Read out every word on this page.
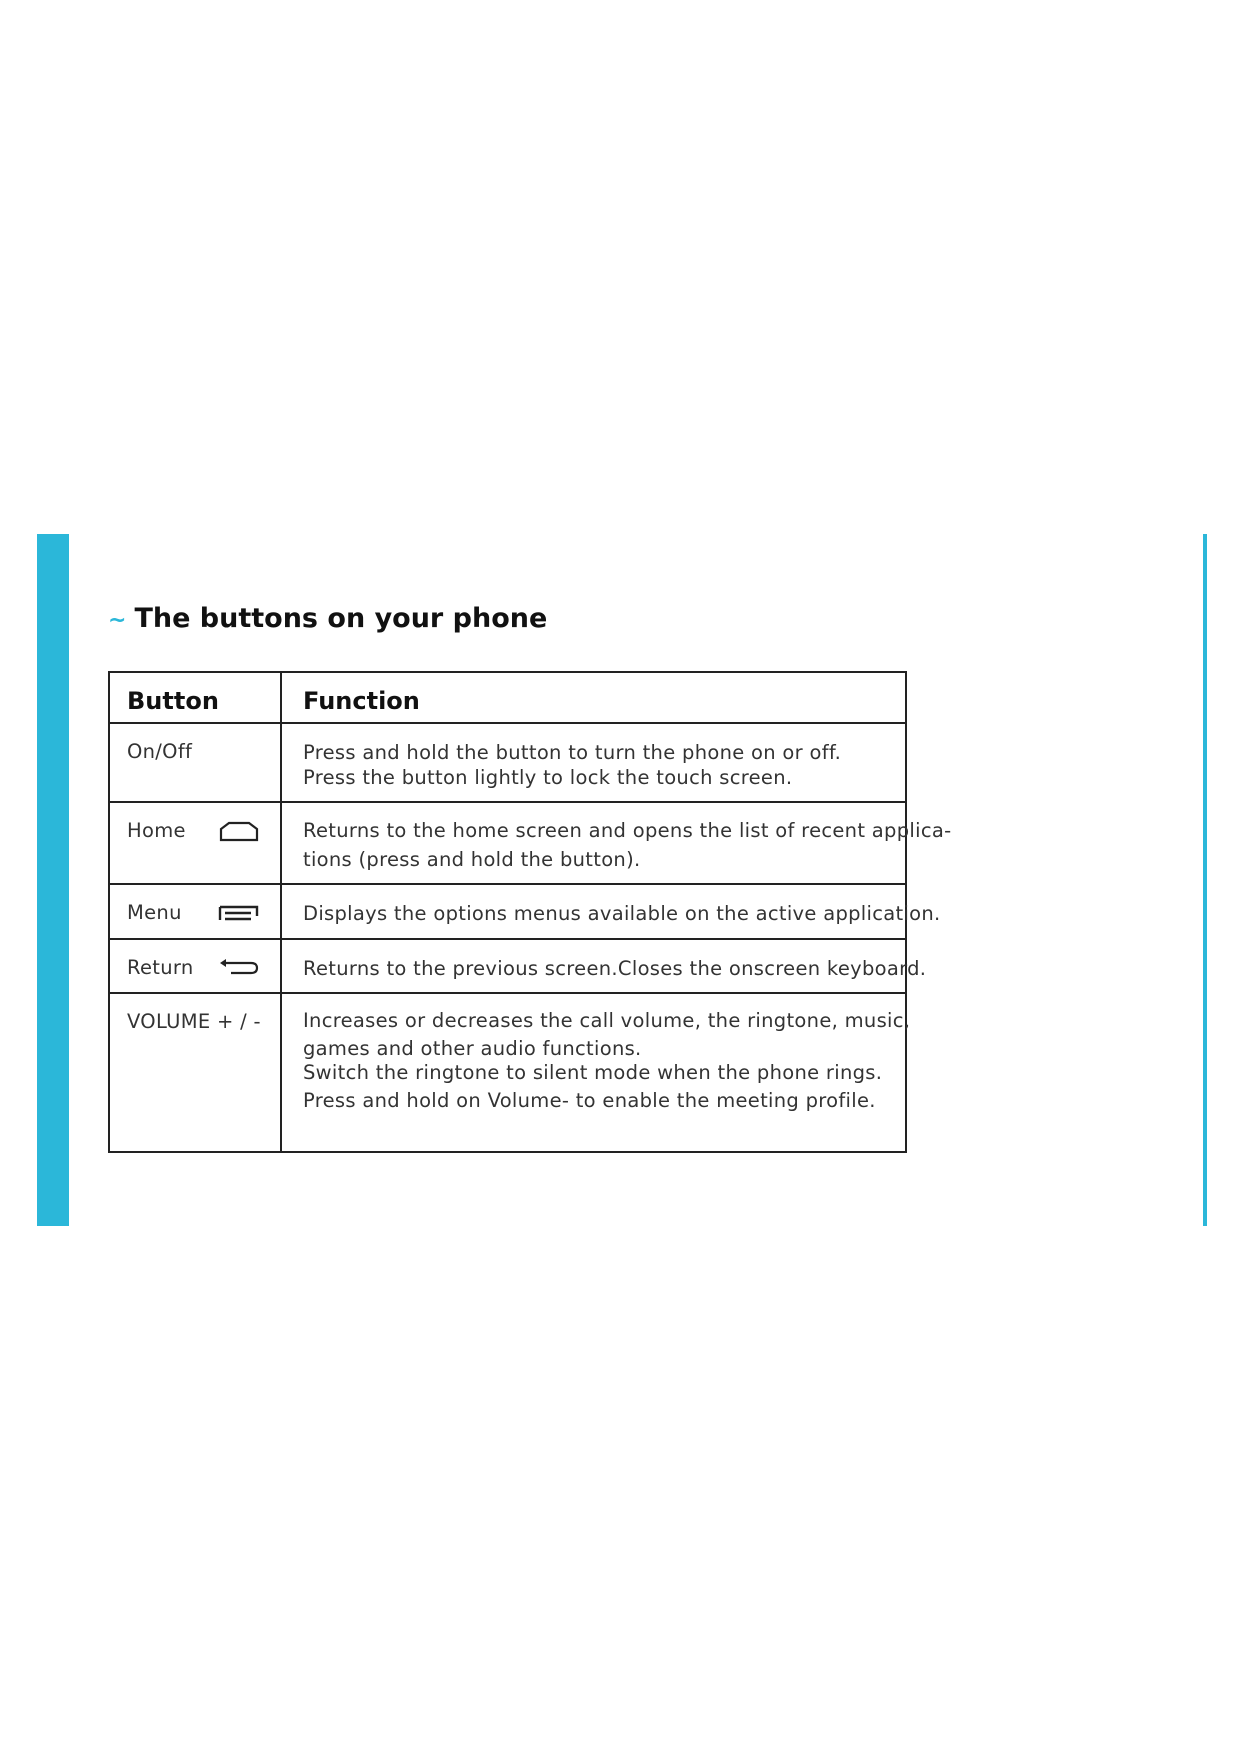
~ The buttons on your phone
Button	Function

On/Off	Press and hold the button to turn the phone on or off.
Press the button lightly to lock the touch screen.

Home	Returns to the home screen and opens the list of recent applica-
tions (press and hold the button).

Menu	Displays the options menus available on the active application.

Return	Returns to the previous screen.Closes the onscreen keyboard.

VOLUME + / -	Increases or decreases the call volume, the ringtone, music,
games and other audio functions.
Switch the ringtone to silent mode when the phone rings.
Press and hold on Volume- to enable the meeting profile.
